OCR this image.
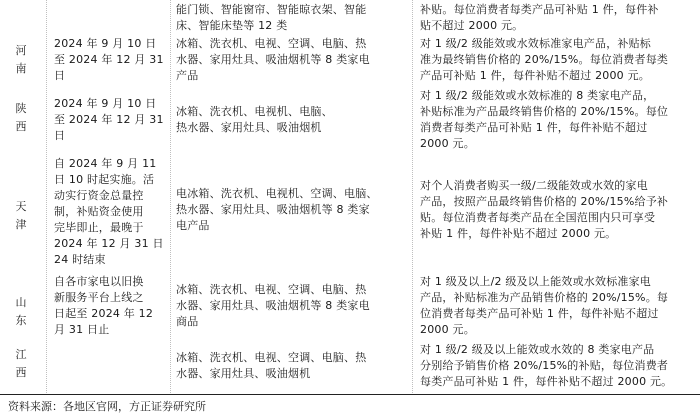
能门锁、智能窗帘、智能晾衣架、智能
床、智能床垫等 12 类
补贴。每位消费者每类产品可补贴 1 件，每件补
贴不超过 2000 元。
河
南
2024 年 9 月 10 日
至 2024 年 12 月 31
日
冰箱、洗衣机、电视、空调、电脑、热
水器、家用灶具、吸油烟机等 8 类家电
产品
对 1 级/2 级能效或水效标准家电产品，补贴标
准为最终销售价格的 20%/15%。每位消费者每类
产品可补贴 1 件，每件补贴不超过 2000 元。
陕
西
2024 年 9 月 10 日
至 2024 年 12 月 31
日
冰箱、洗衣机、电视机、电脑、
热水器、家用灶具、吸油烟机
对 1 级/2 级能效或水效标准的 8 类家电产品，
补贴标准为产品最终销售价格的 20%/15%。每位
消费者每类产品可补贴 1 件，每件补贴不超过
2000 元。
天
津
自 2024 年 9 月 11
日 10 时起实施。活
动实行资金总量控
制，补贴资金使用
完毕即止，最晚于
2024 年 12 月 31 日
24 时结束
电冰箱、洗衣机、电视机、空调、电脑、
热水器、家用灶具、吸油烟机等 8 类家
电产品
对个人消费者购买一级/二级能效或水效的家电
产品，按照产品最终销售价格的 20%/15%给予补
贴。每位消费者每类产品在全国范围内只可享受
补贴 1 件，每件补贴不超过 2000 元。
山
东
自各市家电以旧换
新服务平台上线之
日起至 2024 年 12
月 31 日止
冰箱、洗衣机、电视、空调、电脑、热
水器、家用灶具、吸油烟机等 8 类家电
商品
对 1 级及以上/2 级及以上能效或水效标准家电
产品，补贴标准为产品销售价格的 20%/15%。每
位消费者每类产品可补贴 1 件，每件补贴不超过
2000 元。
江
西
冰箱、洗衣机、电视、空调、电脑、热
水器、家用灶具、吸油烟机
对 1 级/2 级及以上能效或水效的 8 类家电产品
分别给予销售价格 20%/15%的补贴，每位消费者
每类产品可补贴 1 件，每件补贴不超过 2000 元。
资料来源：各地区官网，方正证券研究所
